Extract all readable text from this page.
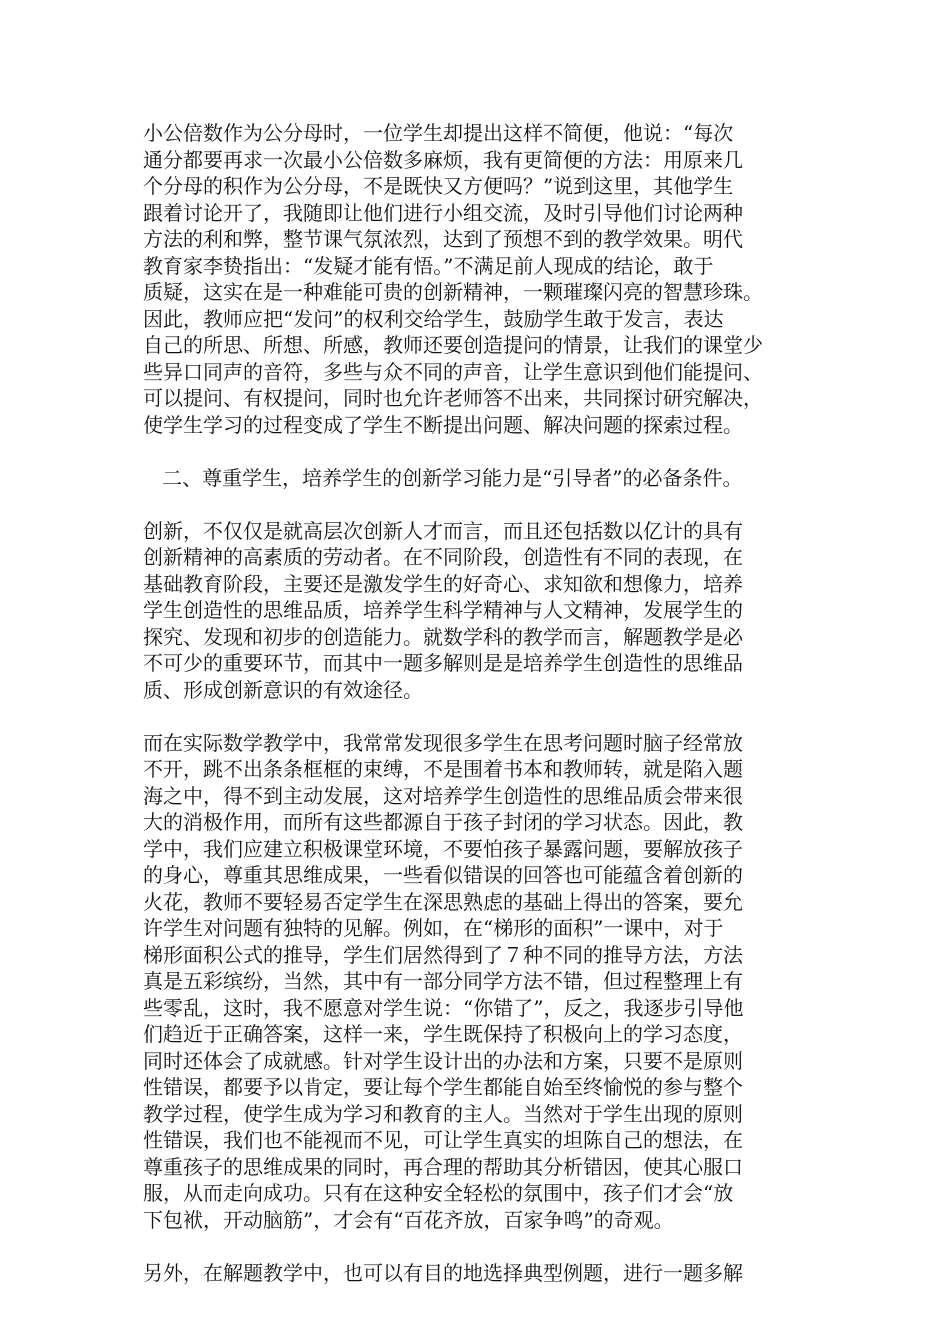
小公倍数作为公分母时，一位学生却提出这样不简便，他说：“每次
通分都要再求一次最小公倍数多麻烦，我有更简便的方法：用原来几
个分母的积作为公分母，不是既快又方便吗？”说到这里，其他学生
跟着讨论开了，我随即让他们进行小组交流，及时引导他们讨论两种
方法的利和弊，整节课气氛浓烈，达到了预想不到的教学效果。明代
教育家李贽指出：“发疑才能有悟。”不满足前人现成的结论，敢于
质疑，这实在是一种难能可贵的创新精神，一颗璀璨闪亮的智慧珍珠。
因此，教师应把“发问”的权利交给学生，鼓励学生敢于发言，表达
自己的所思、所想、所感，教师还要创造提问的情景，让我们的课堂少
些异口同声的音符，多些与众不同的声音，让学生意识到他们能提问、
可以提问、有权提问，同时也允许老师答不出来，共同探讨研究解决，
使学生学习的过程变成了学生不断提出问题、解决问题的探索过程。
二、尊重学生，培养学生的创新学习能力是“引导者”的必备条件。
创新，不仅仅是就高层次创新人才而言，而且还包括数以亿计的具有
创新精神的高素质的劳动者。在不同阶段，创造性有不同的表现，在
基础教育阶段，主要还是激发学生的好奇心、求知欲和想像力，培养
学生创造性的思维品质，培养学生科学精神与人文精神，发展学生的
探究、发现和初步的创造能力。就数学科的教学而言，解题教学是必
不可少的重要环节，而其中一题多解则是是培养学生创造性的思维品
质、形成创新意识的有效途径。
而在实际数学教学中，我常常发现很多学生在思考问题时脑子经常放
不开，跳不出条条框框的束缚，不是围着书本和教师转，就是陷入题
海之中，得不到主动发展，这对培养学生创造性的思维品质会带来很
大的消极作用，而所有这些都源自于孩子封闭的学习状态。因此，教
学中，我们应建立积极课堂环境，不要怕孩子暴露问题，要解放孩子
的身心，尊重其思维成果，一些看似错误的回答也可能蕴含着创新的
火花，教师不要轻易否定学生在深思熟虑的基础上得出的答案，要允
许学生对问题有独特的见解。例如，在“梯形的面积”一课中，对于
梯形面积公式的推导，学生们居然得到了７种不同的推导方法，方法
真是五彩缤纷，当然，其中有一部分同学方法不错，但过程整理上有
些零乱，这时，我不愿意对学生说：“你错了”，反之，我逐步引导他
们趋近于正确答案，这样一来，学生既保持了积极向上的学习态度，
同时还体会了成就感。针对学生设计出的办法和方案，只要不是原则
性错误，都要予以肯定，要让每个学生都能自始至终愉悦的参与整个
教学过程，使学生成为学习和教育的主人。当然对于学生出现的原则
性错误，我们也不能视而不见，可让学生真实的坦陈自己的想法，在
尊重孩子的思维成果的同时，再合理的帮助其分析错因，使其心服口
服，从而走向成功。只有在这种安全轻松的氛围中，孩子们才会“放
下包袱，开动脑筋”，才会有“百花齐放，百家争鸣”的奇观。
另外，在解题教学中，也可以有目的地选择典型例题，进行一题多解
